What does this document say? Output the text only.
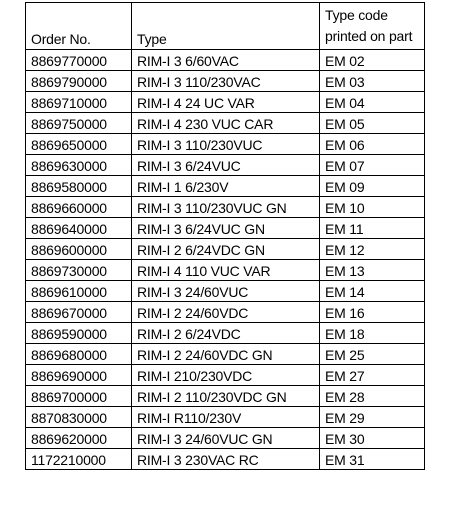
Order No.	Type	Type code
printed on part

8869770000	RIM-I 3 6/60VAC	EM 02
8869790000	RIM-I 3 110/230VAC	EM 03
8869710000	RIM-I 4 24 UC VAR	EM 04
8869750000	RIM-I 4 230 VUC CAR	EM 05
8869650000	RIM-I 3 110/230VUC	EM 06
8869630000	RIM-I 3 6/24VUC	EM 07
8869580000	RIM-I 1 6/230V	EM 09
8869660000	RIM-I 3 110/230VUC GN	EM 10
8869640000	RIM-I 3 6/24VUC GN	EM 11
8869600000	RIM-I 2 6/24VDC GN	EM 12
8869730000	RIM-I 4 110 VUC VAR	EM 13
8869610000	RIM-I 3 24/60VUC	EM 14
8869670000	RIM-I 2 24/60VDC	EM 16
8869590000	RIM-I 2 6/24VDC	EM 18
8869680000	RIM-I 2 24/60VDC GN	EM 25
8869690000	RIM-I 210/230VDC	EM 27
8869700000	RIM-I 2 110/230VDC GN	EM 28
8870830000	RIM-I R110/230V	EM 29
8869620000	RIM-I 3 24/60VUC GN	EM 30
1172210000	RIM-I 3 230VAC RC	EM 31
